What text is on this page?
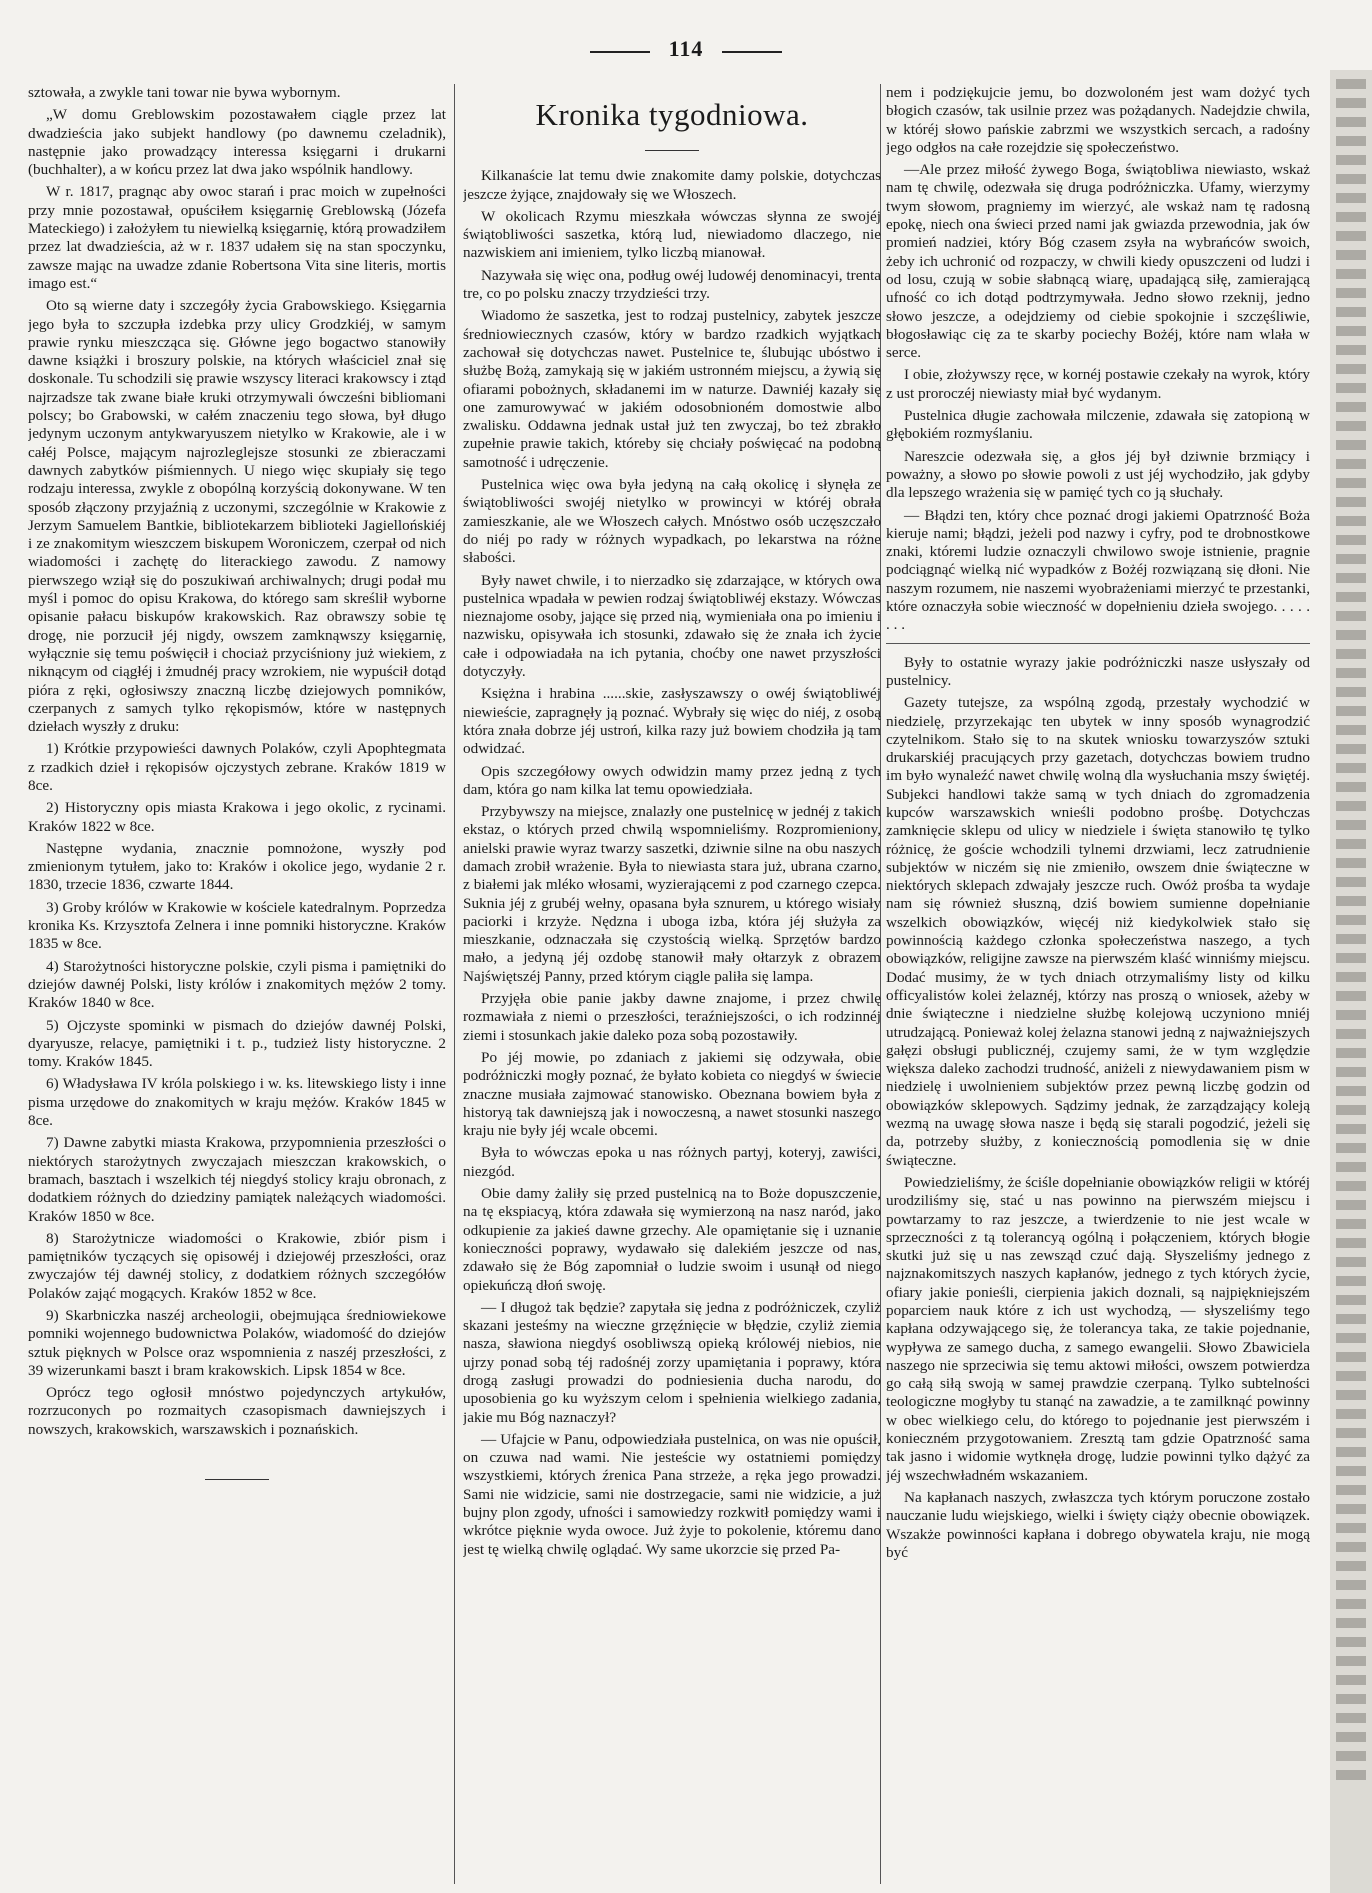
114

sztowała, a zwykle tani towar nie bywa wybornym.

„W domu Greblowskim pozostawałem ciągle przez lat dwadzieścia jako subjekt handlowy (po dawnemu czeladnik), następnie jako prowadzący interessa księgarni i drukarni (buchhalter), a w końcu przez lat dwa jako wspólnik handlowy.

W r. 1817, pragnąc aby owoc starań i prac moich w zupełności przy mnie pozostawał, opuściłem księgarnię Greblowską (Józefa Mateckiego) i założyłem tu niewielką księgarnię, którą prowadziłem przez lat dwadzieścia, aż w r. 1837 udałem się na stan spoczynku, zawsze mając na uwadze zdanie Robertsona Vita sine literis, mortis imago est.“

Oto są wierne daty i szczegóły życia Grabowskiego. Księgarnia jego była to szczupła izdebka przy ulicy Grodzkiéj, w samym prawie rynku mieszcząca się. Główne jego bogactwo stanowiły dawne książki i broszury polskie, na których właściciel znał się doskonale. Tu schodzili się prawie wszyscy literaci krakowscy i ztąd najrzadsze tak zwane białe kruki otrzymywali ówcześni bibliomani polscy; bo Grabowski, w całém znaczeniu tego słowa, był długo jedynym uczonym antykwaryuszem nietylko w Krakowie, ale i w całéj Polsce, mającym najrozleglejsze stosunki ze zbieraczami dawnych zabytków piśmiennych. U niego więc skupiały się tego rodzaju interessa, zwykle z obopólną korzyścią dokonywane. W ten sposób złączony przyjaźnią z uczonymi, szczególnie w Krakowie z Jerzym Samuelem Bantkie, bibliotekarzem biblioteki Jagiellońskiéj i ze znakomitym wieszczem biskupem Woroniczem, czerpał od nich wiadomości i zachętę do literackiego zawodu. Z namowy pierwszego wziął się do poszukiwań archiwalnych; drugi podał mu myśl i pomoc do opisu Krakowa, do którego sam skreślił wyborne opisanie pałacu biskupów krakowskich. Raz obrawszy sobie tę drogę, nie porzucił jéj nigdy, owszem zamknąwszy księgarnię, wyłącznie się temu poświęcił i chociaż przyciśniony już wiekiem, z niknącym od ciągłéj i żmudnéj pracy wzrokiem, nie wypuścił dotąd pióra z ręki, ogłosiwszy znaczną liczbę dziejowych pomników, czerpanych z samych tylko rękopismów, które w następnych dziełach wyszły z druku:

1) Krótkie przypowieści dawnych Polaków, czyli Apophtegmata z rzadkich dzieł i rękopisów ojczystych zebrane. Kraków 1819 w 8ce.

2) Historyczny opis miasta Krakowa i jego okolic, z rycinami. Kraków 1822 w 8ce.

Następne wydania, znacznie pomnożone, wyszły pod zmienionym tytułem, jako to: Kraków i okolice jego, wydanie 2 r. 1830, trzecie 1836, czwarte 1844.

3) Groby królów w Krakowie w kościele katedralnym. Poprzedza kronika Ks. Krzysztofa Zelnera i inne pomniki historyczne. Kraków 1835 w 8ce.

4) Starożytności historyczne polskie, czyli pisma i pamiętniki do dziejów dawnéj Polski, listy królów i znakomitych mężów 2 tomy. Kraków 1840 w 8ce.

5) Ojczyste spominki w pismach do dziejów dawnéj Polski, dyaryusze, relacye, pamiętniki i t. p., tudzież listy historyczne. 2 tomy. Kraków 1845.

6) Władysława IV króla polskiego i w. ks. litewskiego listy i inne pisma urzędowe do znakomitych w kraju mężów. Kraków 1845 w 8ce.

7) Dawne zabytki miasta Krakowa, przypomnienia przeszłości o niektórych starożytnych zwyczajach mieszczan krakowskich, o bramach, basztach i wszelkich téj niegdyś stolicy kraju obronach, z dodatkiem różnych do dziedziny pamiątek należących wiadomości. Kraków 1850 w 8ce.

8) Starożytnicze wiadomości o Krakowie, zbiór pism i pamiętników tyczących się opisowéj i dziejowéj przeszłości, oraz zwyczajów téj dawnéj stolicy, z dodatkiem różnych szczegółów Polaków zająć mogących. Kraków 1852 w 8ce.

9) Skarbniczka naszéj archeologii, obejmująca średniowiekowe pomniki wojennego budownictwa Polaków, wiadomość do dziejów sztuk pięknych w Polsce oraz wspomnienia z naszéj przeszłości, z 39 wizerunkami baszt i bram krakowskich. Lipsk 1854 w 8ce.

Oprócz tego ogłosił mnóstwo pojedynczych artykułów, rozrzuconych po rozmaitych czasopismach dawniejszych i nowszych, krakowskich, warszawskich i poznańskich.

Kronika tygodniowa.

Kilkanaście lat temu dwie znakomite damy polskie, dotychczas jeszcze żyjące, znajdowały się we Włoszech.

W okolicach Rzymu mieszkała wówczas słynna ze swojéj świątobliwości saszetka, którą lud, niewiadomo dlaczego, nie nazwiskiem ani imieniem, tylko liczbą mianował.

Nazywała się więc ona, podług owéj ludowéj denominacyi, trenta tre, co po polsku znaczy trzydzieści trzy.

Wiadomo że saszetka, jest to rodzaj pustelnicy, zabytek jeszcze średniowiecznych czasów, który w bardzo rzadkich wyjątkach zachował się dotychczas nawet. Pustelnice te, ślubując ubóstwo i służbę Bożą, zamykają się w jakiém ustronném miejscu, a żywią się ofiarami pobożnych, składanemi im w naturze. Dawniéj kazały się one zamurowywać w jakiém odosobnioném domostwie albo zwalisku. Oddawna jednak ustał już ten zwyczaj, bo też zbrakło zupełnie prawie takich, któreby się chciały poświęcać na podobną samotność i udręczenie.

Pustelnica więc owa była jedyną na całą okolicę i słynęła ze świątobliwości swojéj nietylko w prowincyi w któréj obrała zamieszkanie, ale we Włoszech całych. Mnóstwo osób uczęszczało do niéj po rady w różnych wypadkach, po lekarstwa na różne słabości.

Były nawet chwile, i to nierzadko się zdarzające, w których owa pustelnica wpadała w pewien rodzaj świątobliwéj ekstazy. Wówczas nieznajome osoby, jające się przed nią, wymieniała ona po imieniu i nazwisku, opisywała ich stosunki, zdawało się że znała ich życie całe i odpowiadała na ich pytania, choćby one nawet przyszłości dotyczyły.

Księżna i hrabina ......skie, zasłyszawszy o owéj świątobliwéj niewieście, zapragnęły ją poznać. Wybrały się więc do niéj, z osobą która znała dobrze jéj ustroń, kilka razy już bowiem chodziła ją tam odwidzać.

Opis szczegółowy owych odwidzin mamy przez jedną z tych dam, która go nam kilka lat temu opowiedziała.

Przybywszy na miejsce, znalazły one pustelnicę w jednéj z takich ekstaz, o których przed chwilą wspomnieliśmy. Rozpromieniony, anielski prawie wyraz twarzy saszetki, dziwnie silne na obu naszych damach zrobił wrażenie. Była to niewiasta stara już, ubrana czarno, z białemi jak mléko włosami, wyzierającemi z pod czarnego czepca. Suknia jéj z grubéj wełny, opasana była sznurem, u którego wisiały paciorki i krzyże. Nędzna i uboga izba, która jéj służyła za mieszkanie, odznaczała się czystością wielką. Sprzętów bardzo mało, a jedyną jéj ozdobę stanowił mały ołtarzyk z obrazem Najświętszéj Panny, przed którym ciągle paliła się lampa.

Przyjęła obie panie jakby dawne znajome, i przez chwilę rozmawiała z niemi o przeszłości, teraźniejszości, o ich rodzinnéj ziemi i stosunkach jakie daleko poza sobą pozostawiły.

Po jéj mowie, po zdaniach z jakiemi się odzywała, obie podróżniczki mogły poznać, że byłato kobieta co niegdyś w świecie znaczne musiała zajmować stanowisko. Obeznana bowiem była z historyą tak dawniejszą jak i nowoczesną, a nawet stosunki naszego kraju nie były jéj wcale obcemi.

Była to wówczas epoka u nas różnych partyj, koteryj, zawiści, niezgód.

Obie damy żaliły się przed pustelnicą na to Boże dopuszczenie, na tę ekspiacyą, która zdawała się wymierzoną na nasz naród, jako odkupienie za jakieś dawne grzechy. Ale opamiętanie się i uznanie konieczności poprawy, wydawało się dalekiém jeszcze od nas, zdawało się że Bóg zapomniał o ludzie swoim i usunął od niego opiekuńczą dłoń swoję.

— I długoż tak będzie? zapytała się jedna z podróżniczek, czyliż skazani jesteśmy na wieczne grzęźnięcie w błędzie, czyliż ziemia nasza, sławiona niegdyś osobliwszą opieką królowéj niebios, nie ujrzy ponad sobą téj radośnéj zorzy upamiętania i poprawy, która drogą zasługi prowadzi do podniesienia ducha narodu, do uposobienia go ku wyższym celom i spełnienia wielkiego zadania, jakie mu Bóg naznaczył?

— Ufajcie w Panu, odpowiedziała pustelnica, on was nie opuścił, on czuwa nad wami. Nie jesteście wy ostatniemi pomiędzy wszystkiemi, których źrenica Pana strzeże, a ręka jego prowadzi. Sami nie widzicie, sami nie dostrzegacie, sami nie widzicie, a już bujny plon zgody, ufności i samowiedzy rozkwitł pomiędzy wami i wkrótce pięknie wyda owoce. Już żyje to pokolenie, któremu dano jest tę wielką chwilę oglądać. Wy same ukorzcie się przed Pa-

nem i podziękujcie jemu, bo dozwoloném jest wam dożyć tych błogich czasów, tak usilnie przez was pożądanych. Nadejdzie chwila, w któréj słowo pańskie zabrzmi we wszystkich sercach, a radośny jego odgłos na całe rozejdzie się społeczeństwo.

—Ale przez miłość żywego Boga, świątobliwa niewiasto, wskaż nam tę chwilę, odezwała się druga podróżniczka. Ufamy, wierzymy twym słowom, pragniemy im wierzyć, ale wskaż nam tę radosną epokę, niech ona świeci przed nami jak gwiazda przewodnia, jak ów promień nadziei, który Bóg czasem zsyła na wybrańców swoich, żeby ich uchronić od rozpaczy, w chwili kiedy opuszczeni od ludzi i od losu, czują w sobie słabnącą wiarę, upadającą siłę, zamierającą ufność co ich dotąd podtrzymywała. Jedno słowo rzeknij, jedno słowo jeszcze, a odejdziemy od ciebie spokojnie i szczęśliwie, błogosławiąc cię za te skarby pociechy Bożéj, które nam wlała w serce.

I obie, złożywszy ręce, w kornéj postawie czekały na wyrok, który z ust proroczéj niewiasty miał być wydanym.

Pustelnica długie zachowała milczenie, zdawała się zatopioną w głębokiém rozmyślaniu.

Nareszcie odezwała się, a głos jéj był dziwnie brzmiący i poważny, a słowo po słowie powoli z ust jéj wychodziło, jak gdyby dla lepszego wrażenia się w pamięć tych co ją słuchały.

— Błądzi ten, który chce poznać drogi jakiemi Opatrzność Boża kieruje nami; błądzi, jeżeli pod nazwy i cyfry, pod te drobnostkowe znaki, któremi ludzie oznaczyli chwilowo swoje istnienie, pragnie podciągnąć wielką nić wypadków z Bożéj rozwiązaną się dłoni. Nie naszym rozumem, nie naszemi wyobrażeniami mierzyć te przestanki, które oznaczyła sobie wieczność w dopełnieniu dzieła swojego. . . . . . . .

Były to ostatnie wyrazy jakie podróżniczki nasze usłyszały od pustelnicy.

Gazety tutejsze, za wspólną zgodą, przestały wychodzić w niedzielę, przyrzekając ten ubytek w inny sposób wynagrodzić czytelnikom. Stało się to na skutek wniosku towarzyszów sztuki drukarskiéj pracujących przy gazetach, dotychczas bowiem trudno im było wynaleźć nawet chwilę wolną dla wysłuchania mszy świętéj. Subjekci handlowi także samą w tych dniach do zgromadzenia kupców warszawskich wnieśli podobno prośbę. Dotychczas zamknięcie sklepu od ulicy w niedziele i święta stanowiło tę tylko różnicę, że goście wchodzili tylnemi drzwiami, lecz zatrudnienie subjektów w niczém się nie zmieniło, owszem dnie świąteczne w niektórych sklepach zdwajały jeszcze ruch. Owóż prośba ta wydaje nam się również słuszną, dziś bowiem sumienne dopełnianie wszelkich obowiązków, więcéj niż kiedykolwiek stało się powinnością każdego członka społeczeństwa naszego, a tych obowiązków, religijne zawsze na pierwszém klaść winniśmy miejscu. Dodać musimy, że w tych dniach otrzymaliśmy listy od kilku officyalistów kolei żelaznéj, którzy nas proszą o wniosek, ażeby w dnie świąteczne i niedzielne służbę kolejową uczyniono mniéj utrudzającą. Ponieważ kolej żelazna stanowi jedną z najważniejszych gałęzi obsługi publicznéj, czujemy sami, że w tym względzie większa daleko zachodzi trudność, aniżeli z niewydawaniem pism w niedzielę i uwolnieniem subjektów przez pewną liczbę godzin od obowiązków sklepowych. Sądzimy jednak, że zarządzający koleją wezmą na uwagę słowa nasze i będą się starali pogodzić, jeżeli się da, potrzeby służby, z koniecznością pomodlenia się w dnie świąteczne.

Powiedzieliśmy, że ściśle dopełnianie obowiązków religii w któréj urodziliśmy się, stać u nas powinno na pierwszém miejscu i powtarzamy to raz jeszcze, a twierdzenie to nie jest wcale w sprzeczności z tą tolerancyą ogólną i połączeniem, których błogie skutki już się u nas zewsząd czuć dają. Słyszeliśmy jednego z najznakomitszych naszych kapłanów, jednego z tych których życie, ofiary jakie ponieśli, cierpienia jakich doznali, są najpiękniejszém poparciem nauk które z ich ust wychodzą, — słyszeliśmy tego kapłana odzywającego się, że tolerancya taka, ze takie pojednanie, wypływa ze samego ducha, z samego ewangelii. Słowo Zbawiciela naszego nie sprzeciwia się temu aktowi miłości, owszem potwierdza go całą siłą swoją w samej prawdzie czerpaną. Tylko subtelności teologiczne mogłyby tu stanąć na zawadzie, a te zamilknąć powinny w obec wielkiego celu, do którego to pojednanie jest pierwszém i konieczném przygotowaniem. Zresztą tam gdzie Opatrzność sama tak jasno i widomie wytknęła drogę, ludzie powinni tylko dążyć za jéj wszechwładném wskazaniem.

Na kapłanach naszych, zwłaszcza tych którym poruczone zostało nauczanie ludu wiejskiego, wielki i święty ciąży obecnie obowiązek. Wszakże powinności kapłana i dobrego obywatela kraju, nie mogą być
